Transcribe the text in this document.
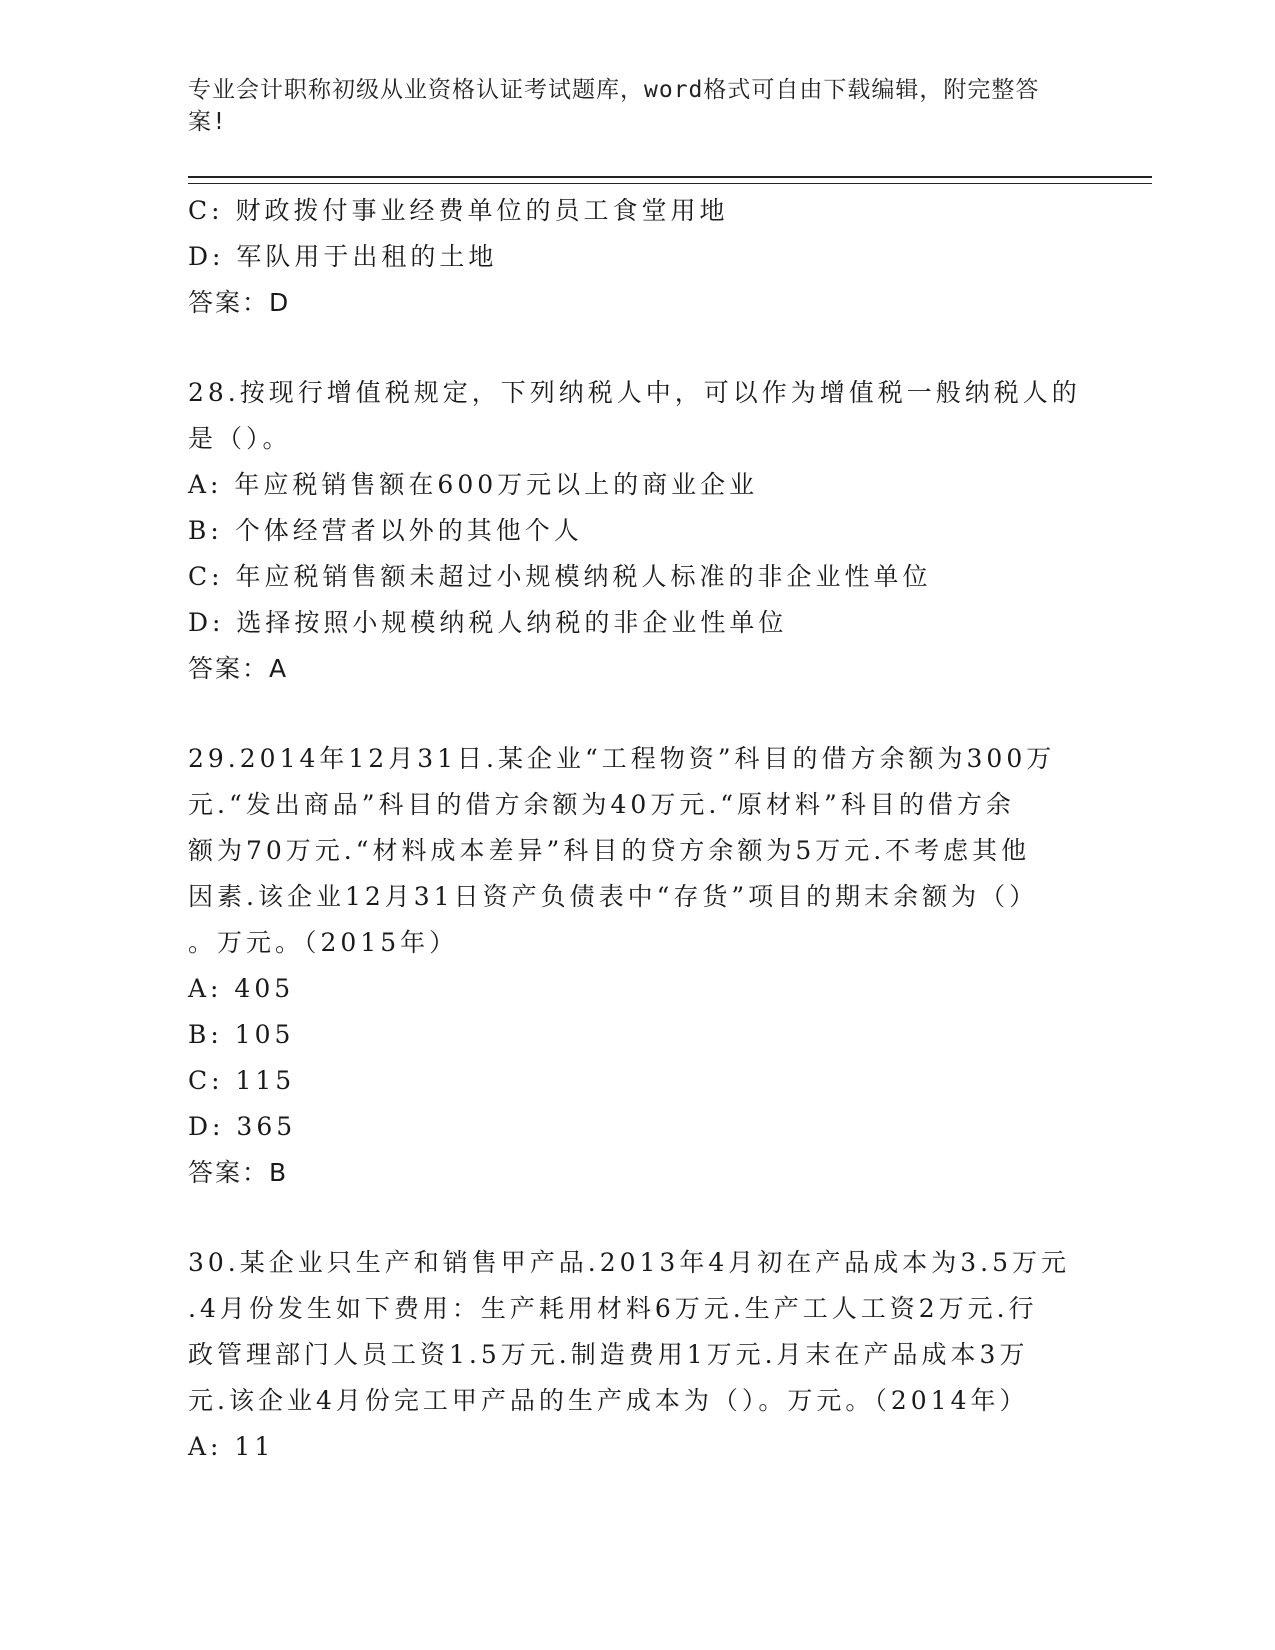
专业会计职称初级从业资格认证考试题库，word格式可自由下载编辑，附完整答
案!
C: 财政拨付事业经费单位的员工食堂用地
D: 军队用于出租的土地
答案：D
28.按现行增值税规定，下列纳税人中，可以作为增值税一般纳税人的
是（）。
A: 年应税销售额在600万元以上的商业企业
B: 个体经营者以外的其他个人
C: 年应税销售额未超过小规模纳税人标准的非企业性单位
D: 选择按照小规模纳税人纳税的非企业性单位
答案：A
29.2014年12月31日.某企业“工程物资”科目的借方余额为300万
元.“发出商品”科目的借方余额为40万元.“原材料”科目的借方余
额为70万元.“材料成本差异”科目的贷方余额为5万元.不考虑其他
因素.该企业12月31日资产负债表中“存货”项目的期末余额为（）
。万元。（2015年）
A: 405
B: 105
C: 115
D: 365
答案：B
30.某企业只生产和销售甲产品.2013年4月初在产品成本为3.5万元
.4月份发生如下费用：生产耗用材料6万元.生产工人工资2万元.行
政管理部门人员工资1.5万元.制造费用1万元.月末在产品成本3万
元.该企业4月份完工甲产品的生产成本为（）。万元。（2014年）
A: 11
